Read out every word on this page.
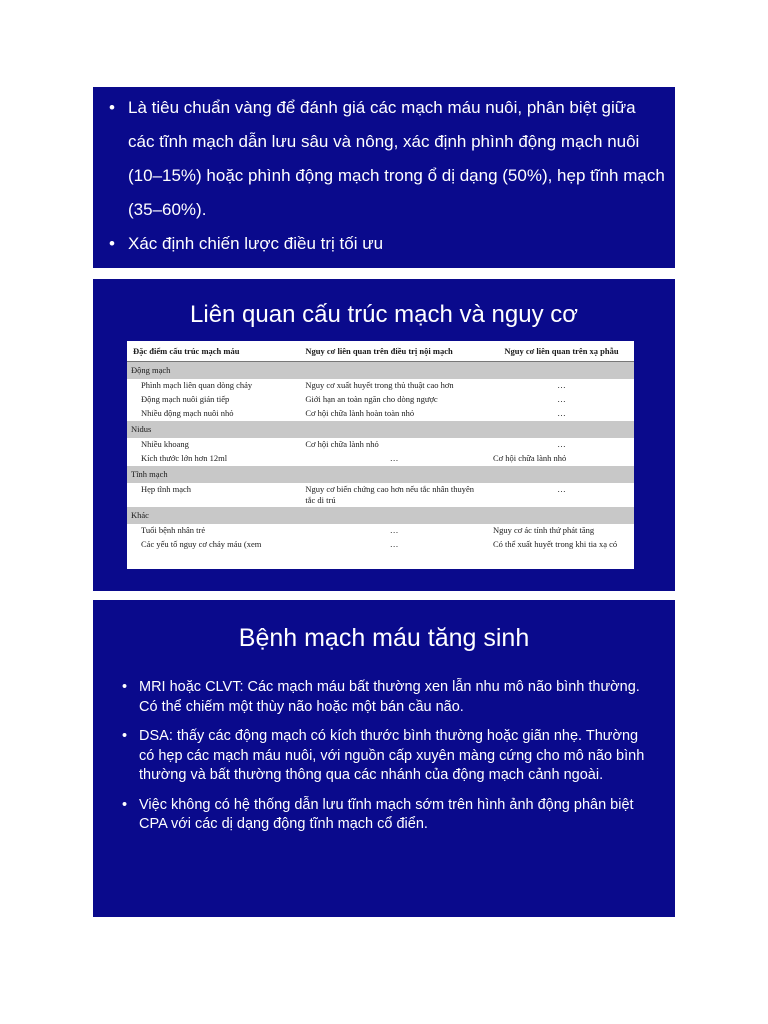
• Là tiêu chuẩn vàng để đánh giá các mạch máu nuôi, phân biệt giữa các tĩnh mạch dẫn lưu sâu và nông, xác định phình động mạch nuôi (10–15%) hoặc phình động mạch trong ổ dị dạng (50%), hẹp tĩnh mạch (35–60%).
• Xác định chiến lược điều trị tối ưu
Liên quan cấu trúc mạch và nguy cơ
Đặc điểm cấu trúc mạch máu	Nguy cơ liên quan trên điều trị nội mạch	Nguy cơ liên quan trên xạ phẫu
Động mạch		
Phình mạch liên quan dòng chảy	Nguy cơ xuất huyết trong thủ thuật cao hơn	…
Động mạch nuôi gián tiếp	Giới hạn an toàn ngăn cho dòng ngược	…
Nhiều động mạch nuôi nhỏ	Cơ hội chữa lành hoàn toàn nhỏ	…
Nidus		
Nhiều khoang	Cơ hội chữa lành nhỏ	…
Kích thước lớn hơn 12ml	…	Cơ hội chữa lành nhỏ
Tĩnh mạch		
Hẹp tĩnh mạch	Nguy cơ biến chứng cao hơn nếu tắc nhân thuyên tắc di trú	…
Khác		
Tuổi bệnh nhân trẻ	…	Nguy cơ ác tính thứ phát tăng
Các yếu tố nguy cơ chảy máu (xem	…	Có thể xuất huyết trong khi tia xạ có
Bệnh mạch máu tăng sinh
• MRI hoặc CLVT: Các mạch máu bất thường xen lẫn nhu mô não bình thường. Có thể chiếm một thùy não hoặc một bán cầu não.
• DSA: thấy các động mạch có kích thước bình thường hoặc giãn nhẹ. Thường có hẹp các mạch máu nuôi, với nguồn cấp xuyên màng cứng cho mô não bình thường và bất thường thông qua các nhánh của động mạch cảnh ngoài.
• Việc không có hệ thống dẫn lưu tĩnh mạch sớm trên hình ảnh động phân biệt CPA với các dị dạng động tĩnh mạch cổ điển.
